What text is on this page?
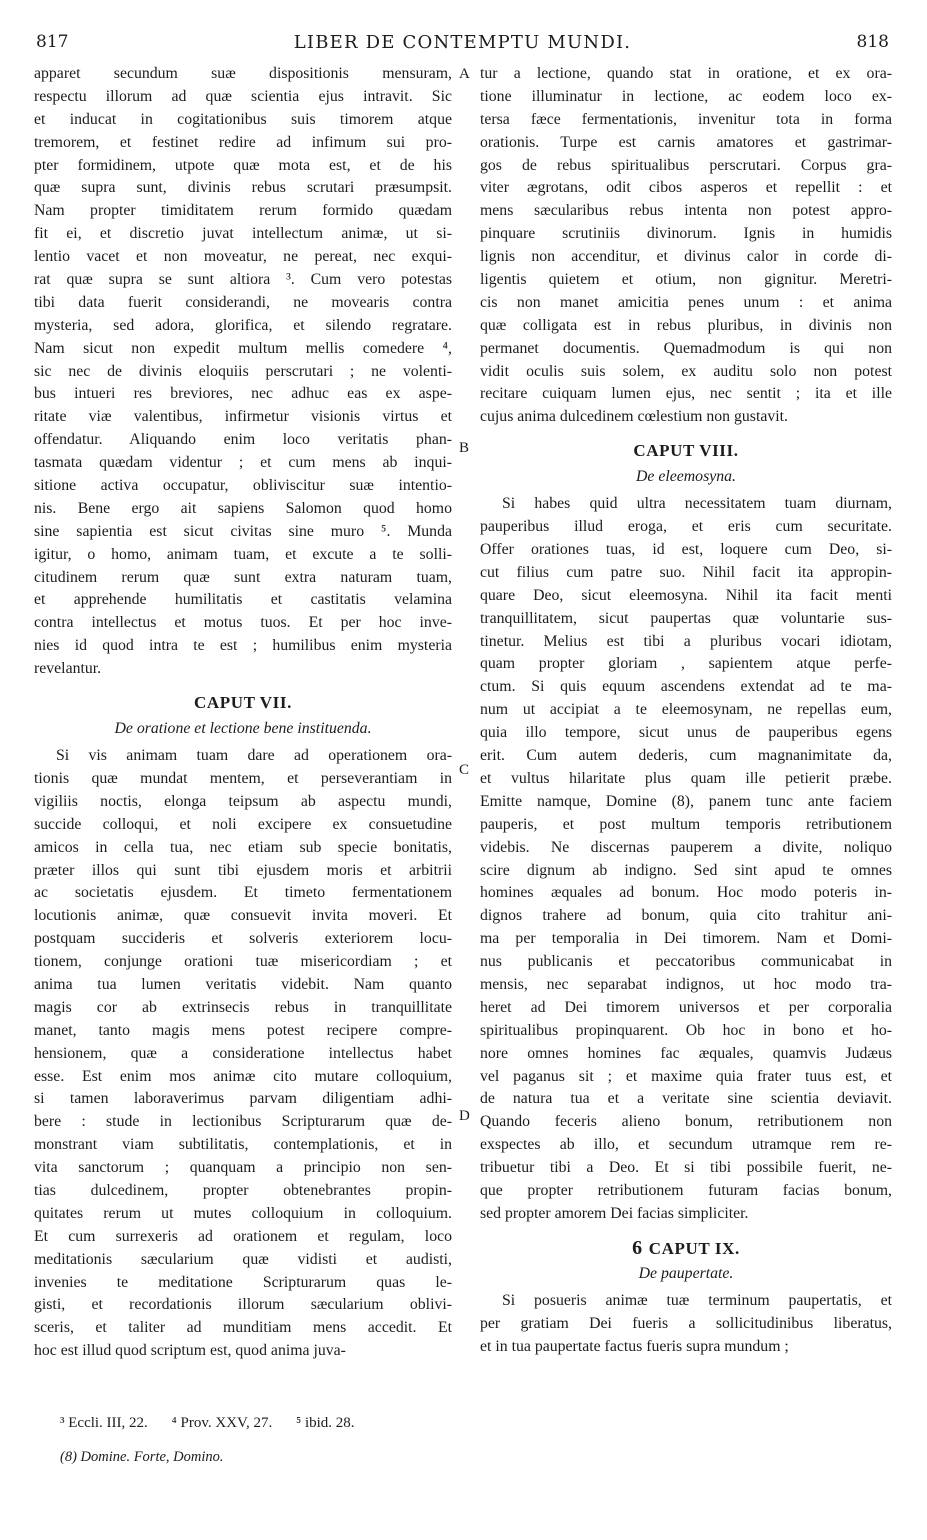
817	LIBER DE CONTEMPTU MUNDI.	818
A
B
C
D
apparet secundum suæ dispositionis mensuram,
respectu illorum ad quæ scientia ejus intravit. Sic
et inducat in cogitationibus suis timorem atque
tremorem, et festinet redire ad infimum sui pro-
pter formidinem, utpote quæ mota est, et de his
quæ supra sunt, divinis rebus scrutari præsumpsit.
Nam propter timiditatem rerum formido quædam
fit ei, et discretio juvat intellectum animæ, ut si-
lentio vacet et non moveatur, ne pereat, nec exqui-
rat quæ supra se sunt altiora ³. Cum vero potestas
tibi data fuerit considerandi, ne movearis contra
mysteria, sed adora, glorifica, et silendo regratare.
Nam sicut non expedit multum mellis comedere ⁴,
sic nec de divinis eloquiis perscrutari ; ne volenti-
bus intueri res breviores, nec adhuc eas ex aspe-
ritate viæ valentibus, infirmetur visionis virtus et
offendatur. Aliquando enim loco veritatis phan-
tasmata quædam videntur ; et cum mens ab inqui-
sitione activa occupatur, obliviscitur suæ intentio-
nis. Bene ergo ait sapiens Salomon quod homo
sine sapientia est sicut civitas sine muro ⁵. Munda
igitur, o homo, animam tuam, et excute a te solli-
citudinem rerum quæ sunt extra naturam tuam,
et apprehende humilitatis et castitatis velamina
contra intellectus et motus tuos. Et per hoc inve-
nies id quod intra te est ; humilibus enim mysteria
revelantur.
CAPUT VII.
De oratione et lectione bene instituenda.
Si vis animam tuam dare ad operationem ora-
tionis quæ mundat mentem, et perseverantiam in
vigiliis noctis, elonga teipsum ab aspectu mundi,
succide colloqui, et noli excipere ex consuetudine
amicos in cella tua, nec etiam sub specie bonitatis,
præter illos qui sunt tibi ejusdem moris et arbitrii
ac societatis ejusdem. Et timeto fermentationem
locutionis animæ, quæ consuevit invita moveri. Et
postquam succideris et solveris exteriorem locu-
tionem, conjunge orationi tuæ misericordiam ; et
anima tua lumen veritatis videbit. Nam quanto
magis cor ab extrinsecis rebus in tranquillitate
manet, tanto magis mens potest recipere compre-
hensionem, quæ a consideratione intellectus habet
esse. Est enim mos animæ cito mutare colloquium,
si tamen laboraverimus parvam diligentiam adhi-
bere : stude in lectionibus Scripturarum quæ de-
monstrant viam subtilitatis, contemplationis, et in
vita sanctorum ; quanquam a principio non sen-
tias dulcedinem, propter obtenebrantes propin-
quitates rerum ut mutes colloquium in colloquium.
Et cum surrexeris ad orationem et regulam, loco
meditationis sæcularium quæ vidisti et audisti,
invenies te meditatione Scripturarum quas le-
gisti, et recordationis illorum sæcularium oblivi-
sceris, et taliter ad munditiam mens accedit. Et
hoc est illud quod scriptum est, quod anima juva-
tur a lectione, quando stat in oratione, et ex ora-
tione illuminatur in lectione, ac eodem loco ex-
tersa fæce fermentationis, invenitur tota in forma
orationis. Turpe est carnis amatores et gastrimar-
gos de rebus spiritualibus perscrutari. Corpus gra-
viter ægrotans, odit cibos asperos et repellit : et
mens sæcularibus rebus intenta non potest appro-
pinquare scrutiniis divinorum. Ignis in humidis
lignis non accenditur, et divinus calor in corde di-
ligentis quietem et otium, non gignitur. Meretri-
cis non manet amicitia penes unum : et anima
quæ colligata est in rebus pluribus, in divinis non
permanet documentis. Quemadmodum is qui non
vidit oculis suis solem, ex auditu solo non potest
recitare cuiquam lumen ejus, nec sentit ; ita et ille
cujus anima dulcedinem cœlestium non gustavit.
CAPUT VIII.
De eleemosyna.
Si habes quid ultra necessitatem tuam diurnam,
pauperibus illud eroga, et eris cum securitate.
Offer orationes tuas, id est, loquere cum Deo, si-
cut filius cum patre suo. Nihil facit ita appropin-
quare Deo, sicut eleemosyna. Nihil ita facit menti
tranquillitatem, sicut paupertas quæ voluntarie sus-
tinetur. Melius est tibi a pluribus vocari idiotam,
quam propter gloriam , sapientem atque perfe-
ctum. Si quis equum ascendens extendat ad te ma-
num ut accipiat a te eleemosynam, ne repellas eum,
quia illo tempore, sicut unus de pauperibus egens
erit. Cum autem dederis, cum magnanimitate da,
et vultus hilaritate plus quam ille petierit præbe.
Emitte namque, Domine (8), panem tunc ante faciem
pauperis, et post multum temporis retributionem
videbis. Ne discernas pauperem a divite, noliquo
scire dignum ab indigno. Sed sint apud te omnes
homines æquales ad bonum. Hoc modo poteris in-
dignos trahere ad bonum, quia cito trahitur ani-
ma per temporalia in Dei timorem. Nam et Domi-
nus publicanis et peccatoribus communicabat in
mensis, nec separabat indignos, ut hoc modo tra-
heret ad Dei timorem universos et per corporalia
spiritualibus propinquarent. Ob hoc in bono et ho-
nore omnes homines fac æquales, quamvis Judæus
vel paganus sit ; et maxime quia frater tuus est, et
de natura tua et a veritate sine scientia deviavit.
Quando feceris alieno bonum, retributionem non
exspectes ab illo, et secundum utramque rem re-
tribuetur tibi a Deo. Et si tibi possibile fuerit, ne-
que propter retributionem futuram facias bonum,
sed propter amorem Dei facias simpliciter.
6 CAPUT IX.
De paupertate.
Si posueris animæ tuæ terminum paupertatis, et
per gratiam Dei fueris a sollicitudinibus liberatus,
et in tua paupertate factus fueris supra mundum ;
³ Eccli. III, 22. ⁴ Prov. XXV, 27. ⁵ ibid. 28.
(8) Domine. Forte, Domino.
